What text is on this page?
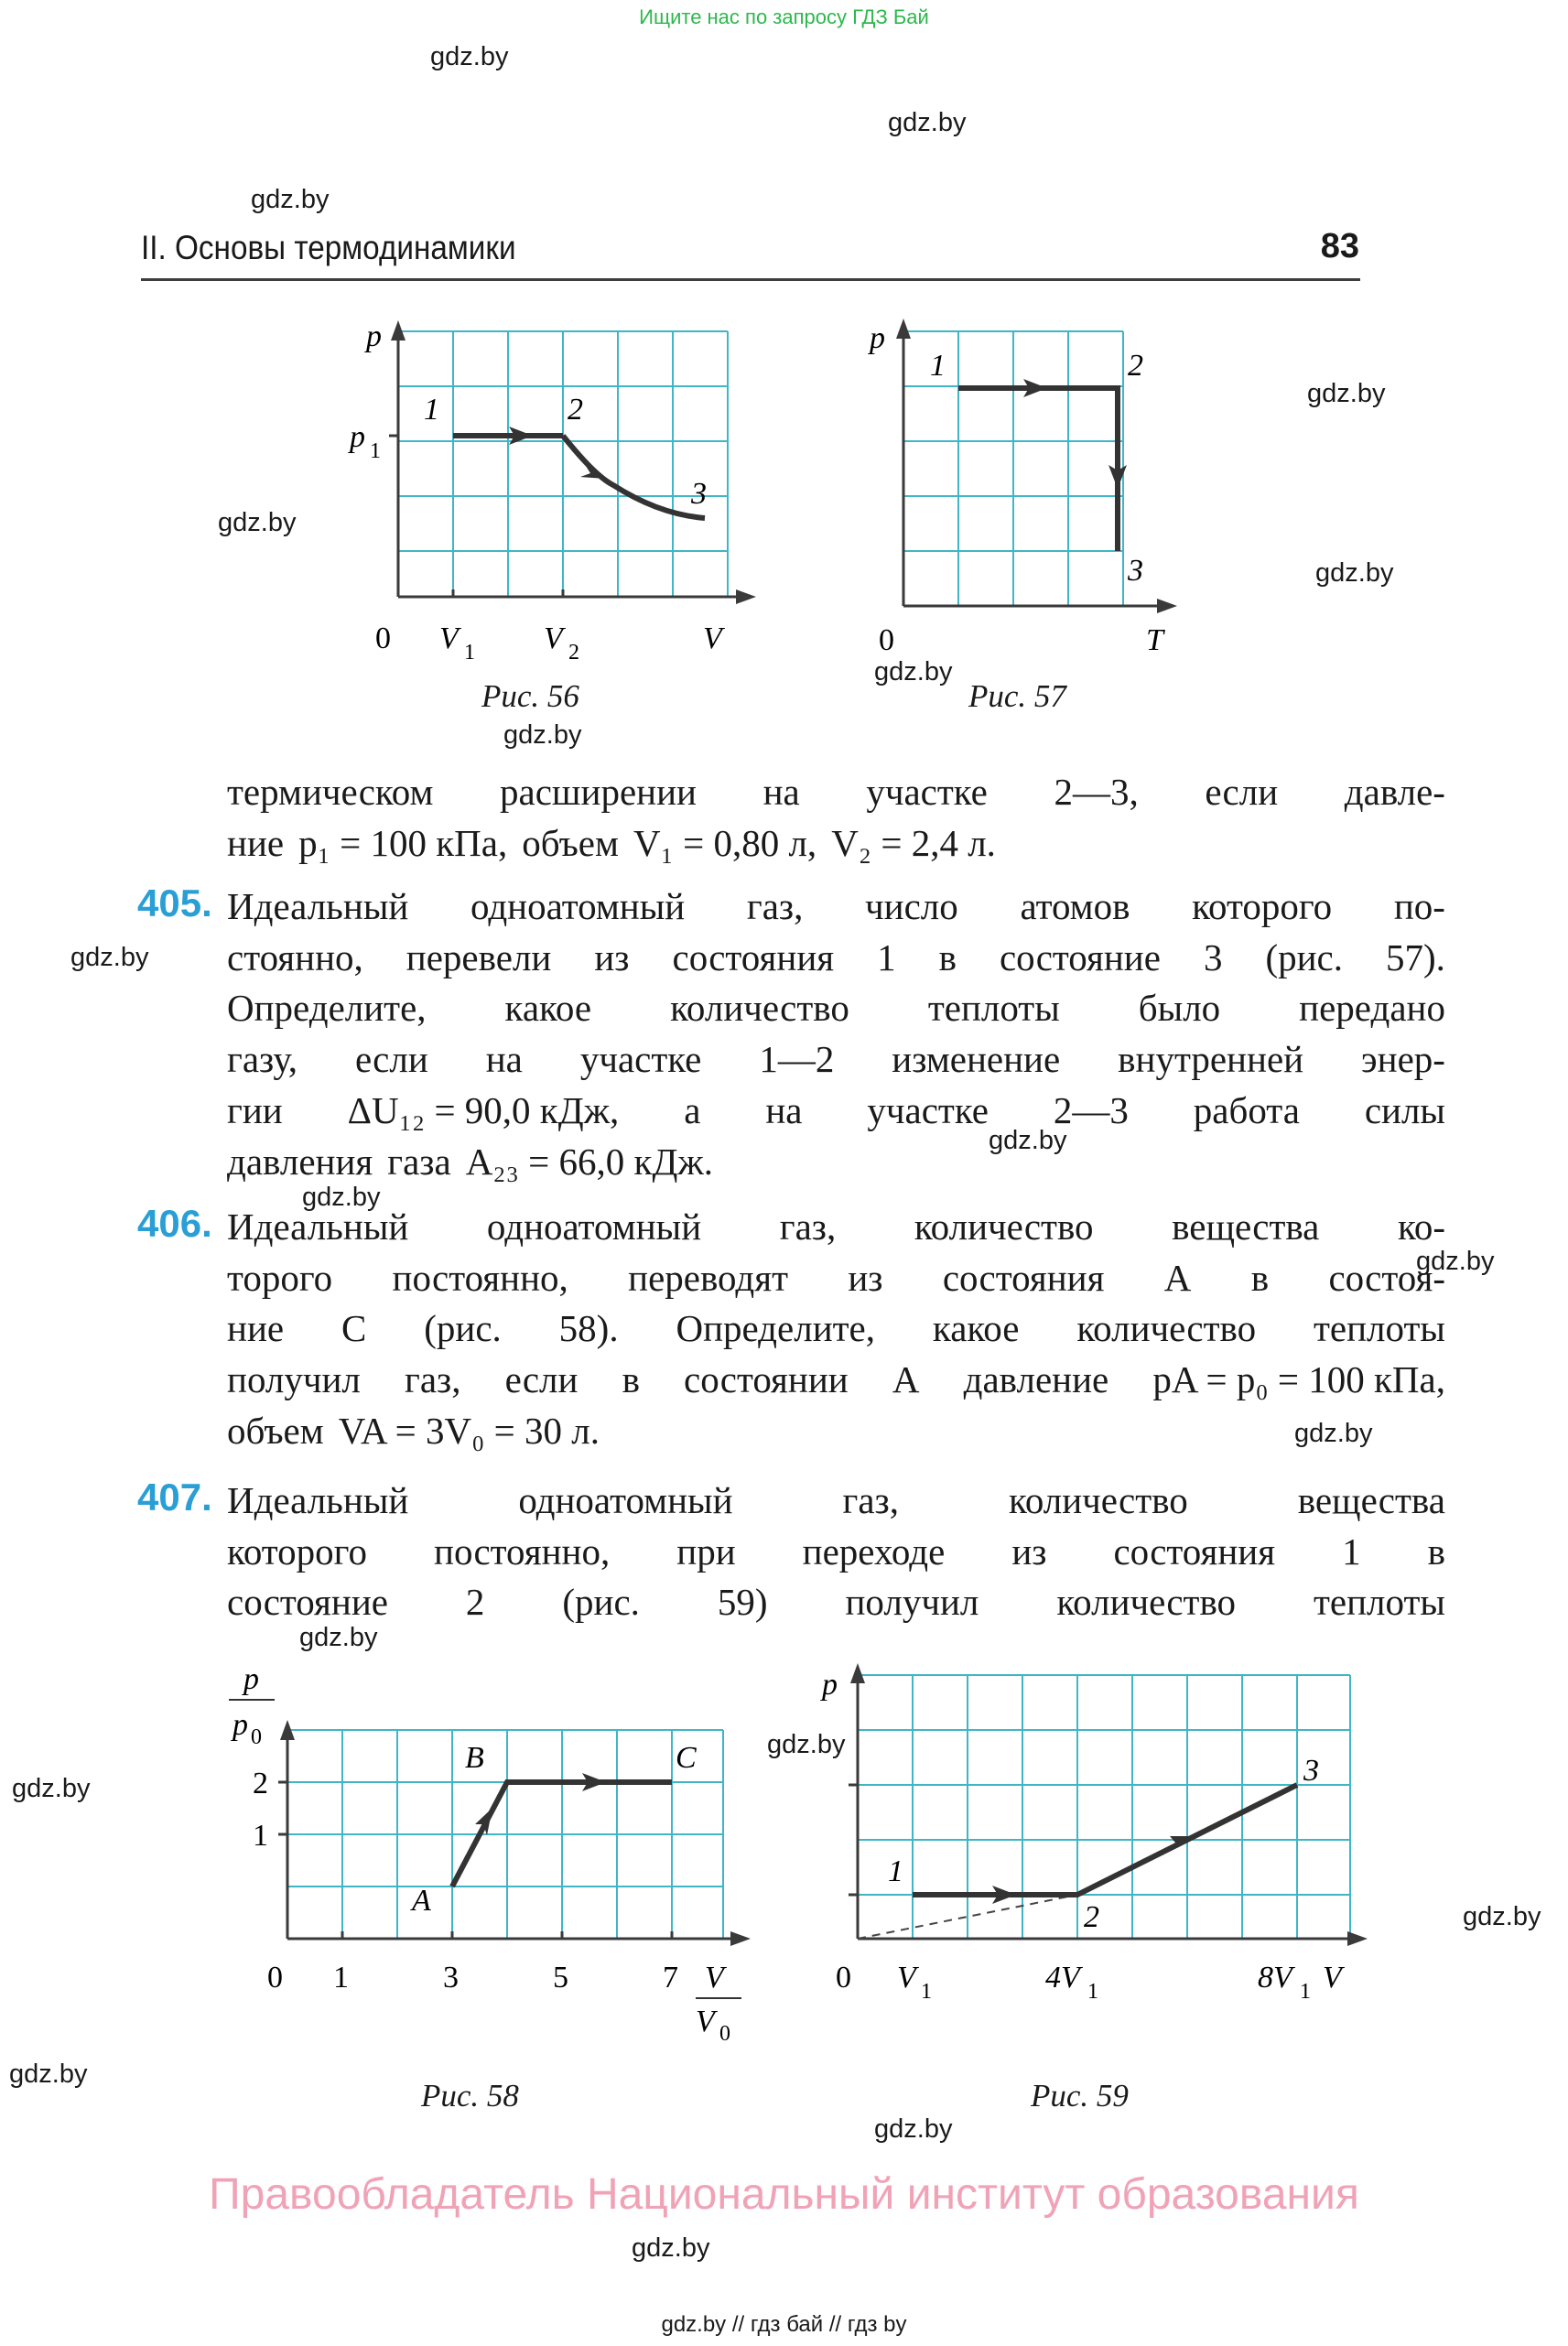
Ищите нас по запросу ГДЗ Бай
gdz.by
gdz.by
gdz.by
gdz.by
gdz.by
gdz.by
gdz.by
gdz.by
gdz.by
gdz.by
gdz.by
gdz.by
gdz.by
gdz.by
gdz.by
gdz.by
gdz.by
gdz.by
gdz.by
gdz.by
II. Основы термодинамики	83
p
p 1
1	2
3
0 V 1 V 2	V
Рис. 56
p
1	2
3
0	T
Рис. 57
термическом расширении на участке 2—3, если давле-
ние p₁ = 100 кПа, объем V₁ = 0,80 л, V₂ = 2,4 л.
405. Идеальный одноатомный газ, число атомов которого по-
стоянно, перевели из состояния 1 в состояние 3 (рис. 57).
Определите, какое количество теплоты было передано
газу, если на участке 1—2 изменение внутренней энер-
гии ΔU₁₂ = 90,0 кДж, а на участке 2—3 работа силы
давления газа A₂₃ = 66,0 кДж.
406. Идеальный одноатомный газ, количество вещества ко-
торого постоянно, переводят из состояния A в состоя-
ние C (рис. 58). Определите, какое количество теплоты
получил газ, если в состоянии A давление pA = p₀ = 100 кПа,
объем VA = 3V₀ = 30 л.
407. Идеальный	одноатомный	газ,	количество	вещества
которого постоянно, при переходе из состояния 1 в
состояние 2 (рис. 59) получил количество теплоты
p
p 0
2
1
A
B	C
0 1	3	5	7 V
V 0
Рис. 58
p
1
2
3
0 V 1	4V 1	8V 1 V
Рис. 59
Правообладатель Национальный институт образования
gdz.by // гдз бай // гдз by
